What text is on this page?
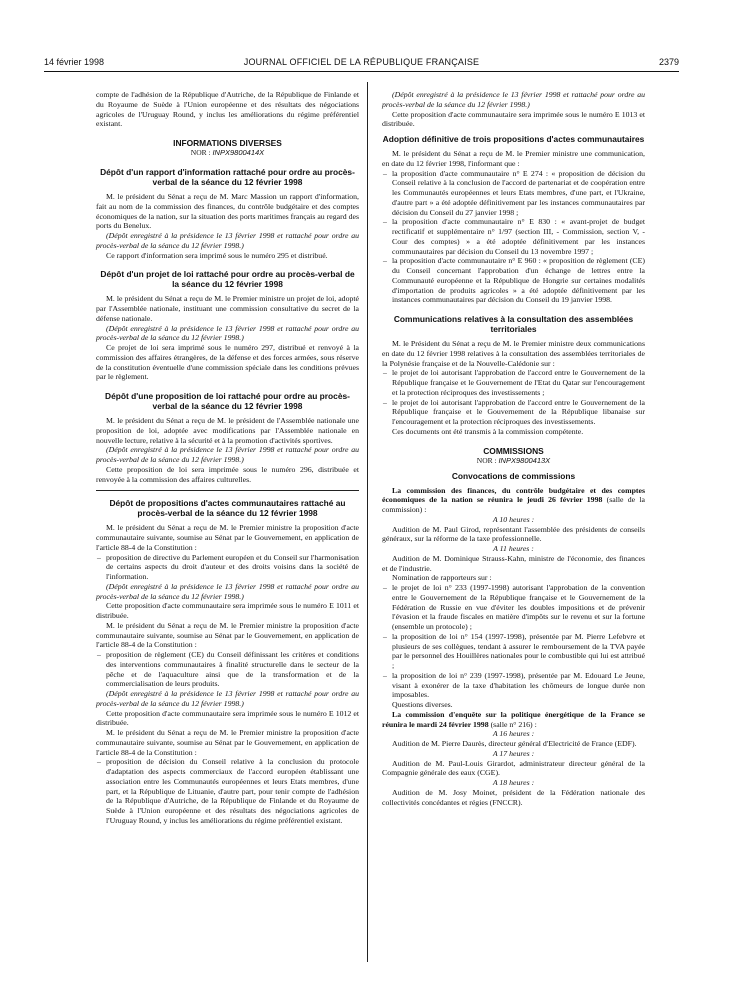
14 février 1998	JOURNAL OFFICIEL DE LA RÉPUBLIQUE FRANÇAISE	2379

compte de l'adhésion de la République d'Autriche, de la République de Finlande et du Royaume de Suède à l'Union européenne et des résultats des négociations agricoles de l'Uruguay Round, y inclus les améliorations du régime préférentiel existant.

INFORMATIONS DIVERSES
NOR : INPX9800414X
Dépôt d'un rapport d'information rattaché pour ordre au procès-verbal de la séance du 12 février 1998

M. le président du Sénat a reçu de M. Marc Massion un rapport d'information, fait au nom de la commission des finances, du contrôle budgétaire et des comptes économiques de la nation, sur la situation des ports maritimes français au regard des ports du Benelux.

(Dépôt enregistré à la présidence le 13 février 1998 et rattaché pour ordre au procès-verbal de la séance du 12 février 1998.)

Ce rapport d'information sera imprimé sous le numéro 295 et distribué.

Dépôt d'un projet de loi rattaché pour ordre au procès-verbal de la séance du 12 février 1998

M. le président du Sénat a reçu de M. le Premier ministre un projet de loi, adopté par l'Assemblée nationale, instituant une commission consultative du secret de la défense nationale.

(Dépôt enregistré à la présidence le 13 février 1998 et rattaché pour ordre au procès-verbal de la séance du 12 février 1998.)

Ce projet de loi sera imprimé sous le numéro 297, distribué et renvoyé à la commission des affaires étrangères, de la défense et des forces armées, sous réserve de la constitution éventuelle d'une commission spéciale dans les conditions prévues par le règlement.

Dépôt d'une proposition de loi rattaché pour ordre au procès-verbal de la séance du 12 février 1998

M. le président du Sénat a reçu de M. le président de l'Assemblée nationale une proposition de loi, adoptée avec modifications par l'Assemblée nationale en nouvelle lecture, relative à la sécurité et à la promotion d'activités sportives.

(Dépôt enregistré à la présidence le 13 février 1998 et rattaché pour ordre au procès-verbal de la séance du 12 février 1998.)

Cette proposition de loi sera imprimée sous le numéro 296, distribuée et renvoyée à la commission des affaires culturelles.

Dépôt de propositions d'actes communautaires rattaché au procès-verbal de la séance du 12 février 1998

M. le président du Sénat a reçu de M. le Premier ministre la proposition d'acte communautaire suivante, soumise au Sénat par le Gouvernement, en application de l'article 88-4 de la Constitution :

– proposition de directive du Parlement européen et du Conseil sur l'harmonisation de certains aspects du droit d'auteur et des droits voisins dans la société de l'information.

(Dépôt enregistré à la présidence le 13 février 1998 et rattaché pour ordre au procès-verbal de la séance du 12 février 1998.)

Cette proposition d'acte communautaire sera imprimée sous le numéro E 1011 et distribuée.

M. le président du Sénat a reçu de M. le Premier ministre la proposition d'acte communautaire suivante, soumise au Sénat par le Gouvernement, en application de l'article 88-4 de la Constitution :

– proposition de règlement (CE) du Conseil définissant les critères et conditions des interventions communautaires à finalité structurelle dans le secteur de la pêche et de l'aquaculture ainsi que de la transformation et de la commercialisation de leurs produits.

(Dépôt enregistré à la présidence le 13 février 1998 et rattaché pour ordre au procès-verbal de la séance du 12 février 1998.)

Cette proposition d'acte communautaire sera imprimée sous le numéro E 1012 et distribuée.

M. le président du Sénat a reçu de M. le Premier ministre la proposition d'acte communautaire suivante, soumise au Sénat par le Gouvernement, en application de l'article 88-4 de la Constitution :

– proposition de décision du Conseil relative à la conclusion du protocole d'adaptation des aspects commerciaux de l'accord européen établissant une association entre les Communautés européennes et leurs Etats membres, d'une part, et la République de Lituanie, d'autre part, pour tenir compte de l'adhésion de la République d'Autriche, de la République de Finlande et du Royaume de Suède à l'Union européenne et des résultats des négociations agricoles de l'Uruguay Round, y inclus les améliorations du régime préférentiel existant.

(Dépôt enregistré à la présidence le 13 février 1998 et rattaché pour ordre au procès-verbal de la séance du 12 février 1998.)

Cette proposition d'acte communautaire sera imprimée sous le numéro E 1013 et distribuée.

Adoption définitive de trois propositions d'actes communautaires

M. le président du Sénat a reçu de M. le Premier ministre une communication, en date du 12 février 1998, l'informant que :

– la proposition d'acte communautaire n° E 274 : « proposition de décision du Conseil relative à la conclusion de l'accord de partenariat et de coopération entre les Communautés européennes et leurs Etats membres, d'une part, et l'Ukraine, d'autre part » a été adoptée définitivement par les instances communautaires par décision du Conseil du 27 janvier 1998 ;
– la proposition d'acte communautaire n° E 830 : « avant-projet de budget rectificatif et supplémentaire n° 1/97 (section III, - Commission, section V, - Cour des comptes) » a été adoptée définitivement par les instances communautaires par décision du Conseil du 13 novembre 1997 ;
– la proposition d'acte communautaire n° E 960 : « proposition de règlement (CE) du Conseil concernant l'approbation d'un échange de lettres entre la Communauté européenne et la République de Hongrie sur certaines modalités d'importation de produits agricoles » a été adoptée définitivement par les instances communautaires par décision du Conseil du 19 janvier 1998.
Communications relatives à la consultation des assemblées territoriales

M. le Président du Sénat a reçu de M. le Premier ministre deux communications en date du 12 février 1998 relatives à la consultation des assemblées territoriales de la Polynésie française et de la Nouvelle-Calédonie sur :

– le projet de loi autorisant l'approbation de l'accord entre le Gouvernement de la République française et le Gouvernement de l'Etat du Qatar sur l'encouragement et la protection réciproques des investissements ;
– le projet de loi autorisant l'approbation de l'accord entre le Gouvernement de la République française et le Gouvernement de la République libanaise sur l'encouragement et la protection réciproques des investissements.

Ces documents ont été transmis à la commission compétente.

COMMISSIONS
NOR : INPX9800413X
Convocations de commissions

La commission des finances, du contrôle budgétaire et des comptes économiques de la nation se réunira le jeudi 26 février 1998 (salle de la commission) :

A 10 heures :

Audition de M. Paul Girod, représentant l'assemblée des présidents de conseils généraux, sur la réforme de la taxe professionnelle.

A 11 heures :

Audition de M. Dominique Strauss-Kahn, ministre de l'économie, des finances et de l'industrie.

Nomination de rapporteurs sur :

– le projet de loi n° 233 (1997-1998) autorisant l'approbation de la convention entre le Gouvernement de la République française et le Gouvernement de la Fédération de Russie en vue d'éviter les doubles impositions et de prévenir l'évasion et la fraude fiscales en matière d'impôts sur le revenu et sur la fortune (ensemble un protocole) ;
– la proposition de loi n° 154 (1997-1998), présentée par M. Pierre Lefebvre et plusieurs de ses collègues, tendant à assurer le remboursement de la TVA payée par le personnel des Houillères nationales pour le combustible qui lui est attribué ;
– la proposition de loi n° 239 (1997-1998), présentée par M. Edouard Le Jeune, visant à exonérer de la taxe d'habitation les chômeurs de longue durée non imposables.

Questions diverses.

La commission d'enquête sur la politique énergétique de la France se réunira le mardi 24 février 1998 (salle n° 216) :

A 16 heures :

Audition de M. Pierre Daurès, directeur général d'Electricité de France (EDF).

A 17 heures :

Audition de M. Paul-Louis Girardot, administrateur directeur général de la Compagnie générale des eaux (CGE).

A 18 heures :

Audition de M. Josy Moinet, président de la Fédération nationale des collectivités concédantes et régies (FNCCR).
